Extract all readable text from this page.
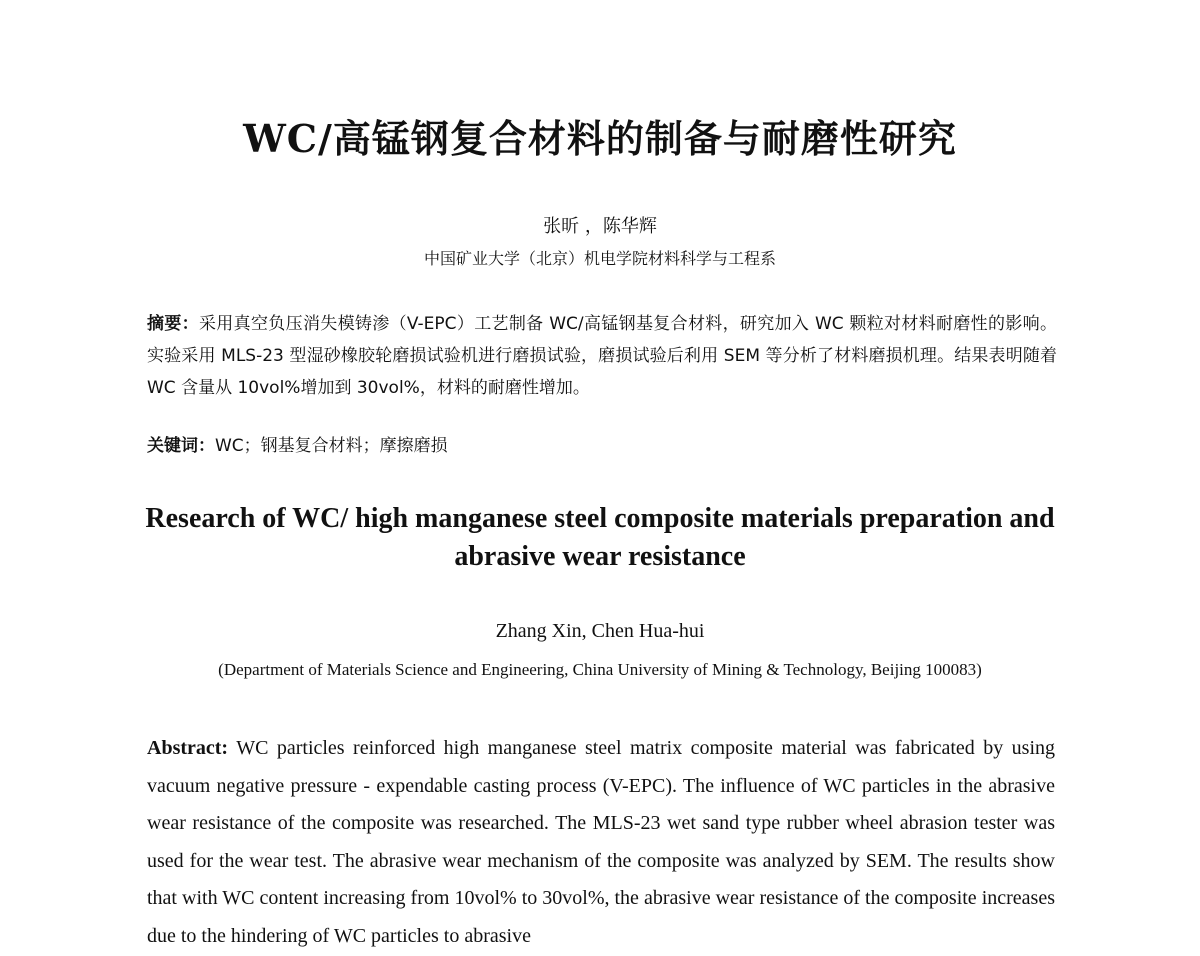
WC/高锰钢复合材料的制备与耐磨性研究
张昕 ，陈华辉
中国矿业大学（北京）机电学院材料科学与工程系
摘要：采用真空负压消失模铸渗（V-EPC）工艺制备 WC/高锰钢基复合材料，研究加入 WC 颗粒对材料耐磨性的影响。实验采用 MLS-23 型湿砂橡胶轮磨损试验机进行磨损试验，磨损试验后利用 SEM 等分析了材料磨损机理。结果表明随着 WC 含量从 10vol%增加到 30vol%，材料的耐磨性增加。
关键词：WC；钢基复合材料；摩擦磨损
Research of WC/ high manganese steel composite materials preparation and abrasive wear resistance
Zhang Xin, Chen Hua-hui
(Department of Materials Science and Engineering, China University of Mining & Technology, Beijing 100083)
Abstract: WC particles reinforced high manganese steel matrix composite material was fabricated by using vacuum negative pressure - expendable casting process (V-EPC). The influence of WC particles in the abrasive wear resistance of the composite was researched. The MLS-23 wet sand type rubber wheel abrasion tester was used for the wear test. The abrasive wear mechanism of the composite was analyzed by SEM. The results show that with WC content increasing from 10vol% to 30vol%, the abrasive wear resistance of the composite increases due to the hindering of WC particles to abrasive
